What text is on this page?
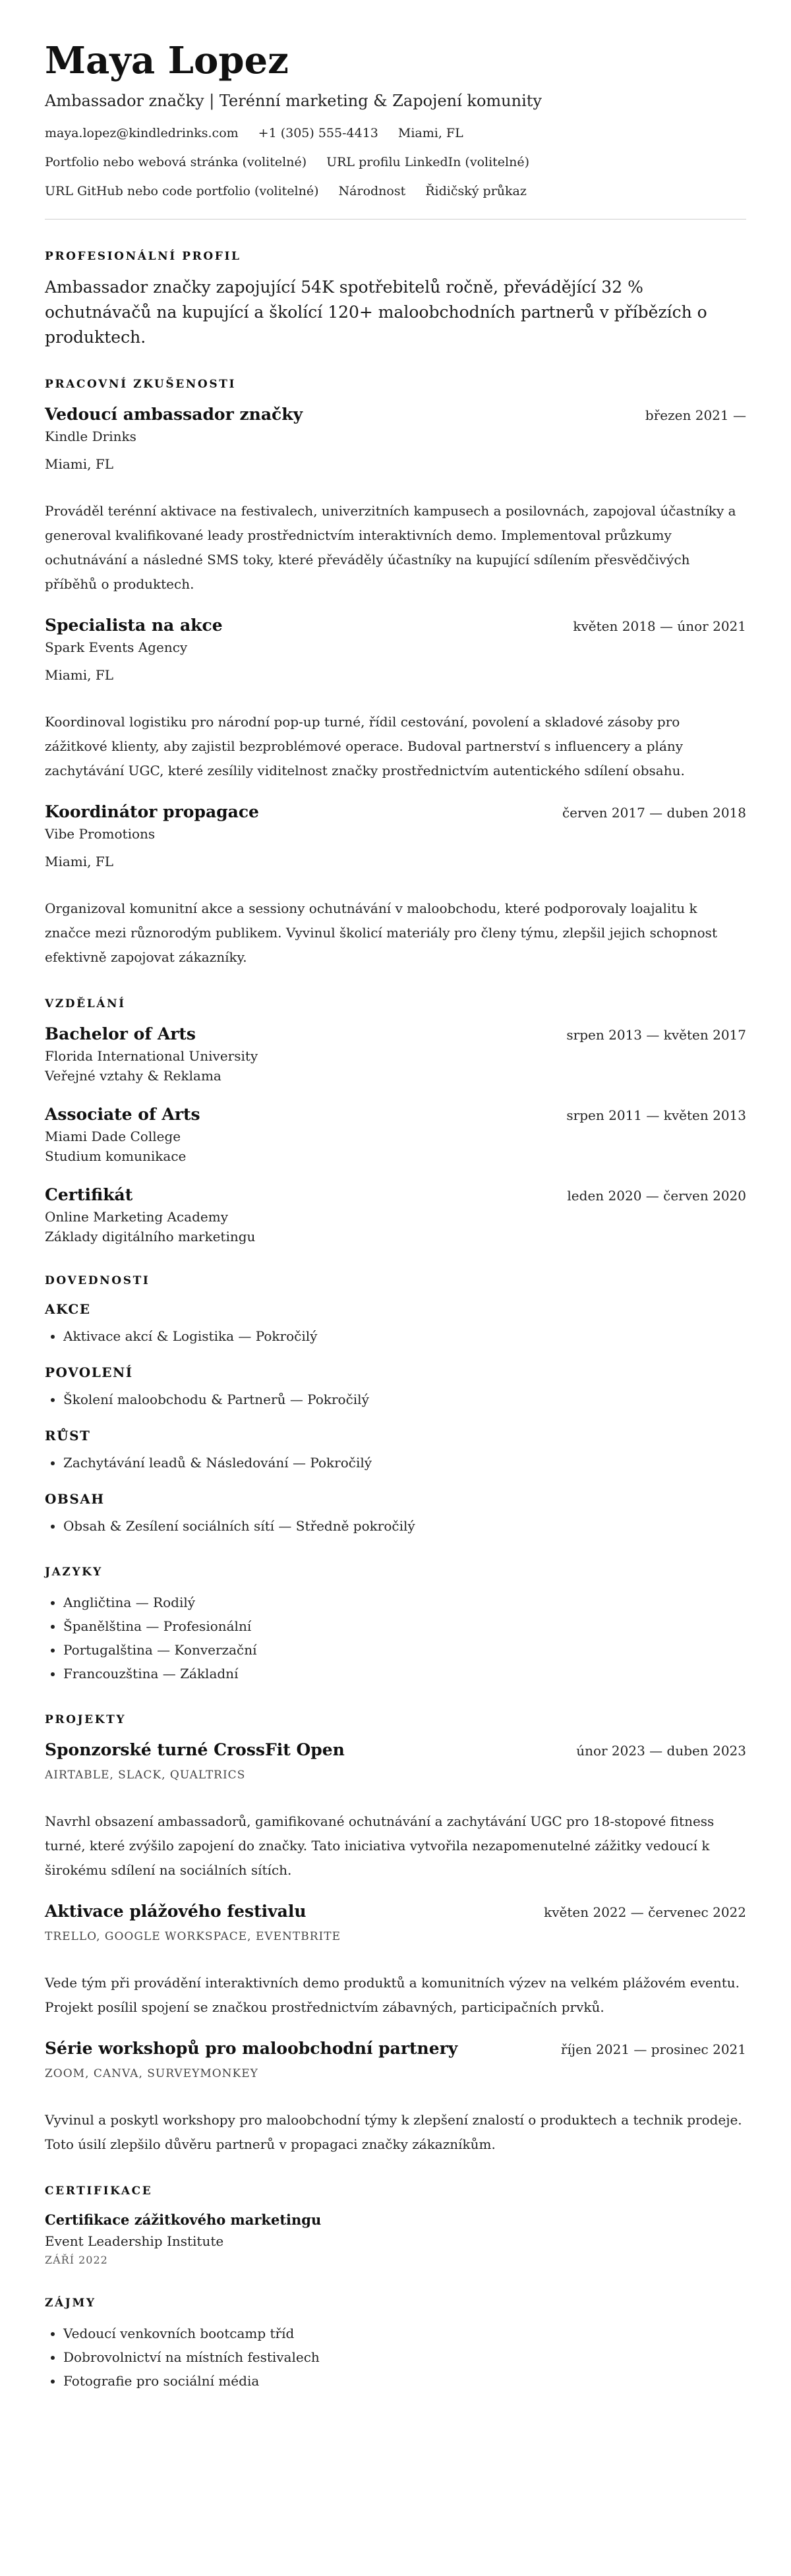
Maya Lopez
Ambassador značky | Terénní marketing & Zapojení komunity
maya.lopez@kindledrinks.com +1 (305) 555-4413 Miami, FL
Portfolio nebo webová stránka (volitelné) URL profilu LinkedIn (volitelné)
URL GitHub nebo code portfolio (volitelné) Národnost Řidičský průkaz
PROFESIONÁLNÍ PROFIL
Ambassador značky zapojující 54K spotřebitelů ročně, převádějící 32 % ochutnávačů na kupující a školící 120+ maloobchodních partnerů v příbězích o produktech.
PRACOVNÍ ZKUŠENOSTI
Vedoucí ambassador značky	březen 2021 —
Kindle Drinks
Miami, FL
Prováděl terénní aktivace na festivalech, univerzitních kampusech a posilovnách, zapojoval účastníky a generoval kvalifikované leady prostřednictvím interaktivních demo. Implementoval průzkumy ochutnávání a následné SMS toky, které převáděly účastníky na kupující sdílením přesvědčivých příběhů o produktech.
Specialista na akce	květen 2018 — únor 2021
Spark Events Agency
Miami, FL
Koordinoval logistiku pro národní pop-up turné, řídil cestování, povolení a skladové zásoby pro zážitkové klienty, aby zajistil bezproblémové operace. Budoval partnerství s influencery a plány zachytávání UGC, které zesílily viditelnost značky prostřednictvím autentického sdílení obsahu.
Koordinátor propagace	červen 2017 — duben 2018
Vibe Promotions
Miami, FL
Organizoval komunitní akce a sessiony ochutnávání v maloobchodu, které podporovaly loajalitu k značce mezi různorodým publikem. Vyvinul školicí materiály pro členy týmu, zlepšil jejich schopnost efektivně zapojovat zákazníky.
VZDĚLÁNÍ
Bachelor of Arts	srpen 2013 — květen 2017
Florida International University
Veřejné vztahy & Reklama
Associate of Arts	srpen 2011 — květen 2013
Miami Dade College
Studium komunikace
Certifikát	leden 2020 — červen 2020
Online Marketing Academy
Základy digitálního marketingu
DOVEDNOSTI
AKCE
• Aktivace akcí & Logistika — Pokročilý
POVOLENÍ
• Školení maloobchodu & Partnerů — Pokročilý
RŮST
• Zachytávání leadů & Následování — Pokročilý
OBSAH
• Obsah & Zesílení sociálních sítí — Středně pokročilý
JAZYKY
• Angličtina — Rodilý
• Španělština — Profesionální
• Portugalština — Konverzační
• Francouzština — Základní
PROJEKTY
Sponzorské turné CrossFit Open	únor 2023 — duben 2023
AIRTABLE, SLACK, QUALTRICS
Navrhl obsazení ambassadorů, gamifikované ochutnávání a zachytávání UGC pro 18-stopové fitness turné, které zvýšilo zapojení do značky. Tato iniciativa vytvořila nezapomenutelné zážitky vedoucí k širokému sdílení na sociálních sítích.
Aktivace plážového festivalu	květen 2022 — červenec 2022
TRELLO, GOOGLE WORKSPACE, EVENTBRITE
Vede tým při provádění interaktivních demo produktů a komunitních výzev na velkém plážovém eventu. Projekt posílil spojení se značkou prostřednictvím zábavných, participačních prvků.
Série workshopů pro maloobchodní partnery	říjen 2021 — prosinec 2021
ZOOM, CANVA, SURVEYMONKEY
Vyvinul a poskytl workshopy pro maloobchodní týmy k zlepšení znalostí o produktech a technik prodeje. Toto úsilí zlepšilo důvěru partnerů v propagaci značky zákazníkům.
CERTIFIKACE
Certifikace zážitkového marketingu
Event Leadership Institute
ZÁŘÍ 2022
ZÁJMY
• Vedoucí venkovních bootcamp tříd
• Dobrovolnictví na místních festivalech
• Fotografie pro sociální média
